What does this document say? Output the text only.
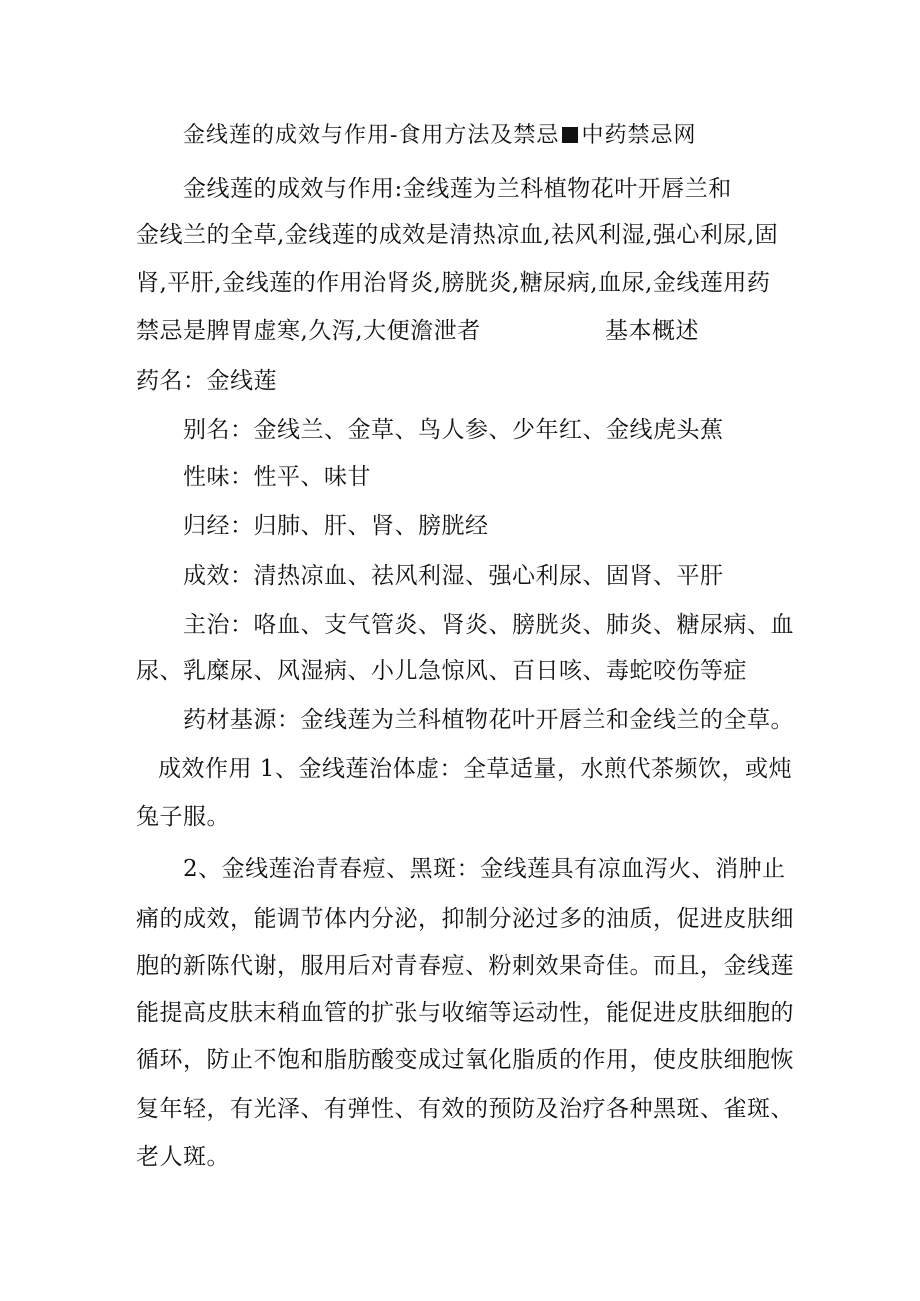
金线莲的成效与作用-食用方法及禁忌 中药禁忌网
金线莲的成效与作用:金线莲为兰科植物花叶开唇兰和
金线兰的全草,金线莲的成效是清热凉血,祛风利湿,强心利尿,固
肾,平肝,金线莲的作用治肾炎,膀胱炎,糖尿病,血尿,金线莲用药
禁忌是脾胃虚寒,久泻,大便澹泄者	基本概述
药名：金线莲
别名：金线兰、金草、鸟人参、少年红、金线虎头蕉
性味：性平、味甘
归经：归肺、肝、肾、膀胱经
成效：清热凉血、祛风利湿、强心利尿、固肾、平肝
主治：咯血、支气管炎、肾炎、膀胱炎、肺炎、糖尿病、血
尿、乳糜尿、风湿病、小儿急惊风、百日咳、毒蛇咬伤等症
药材基源：金线莲为兰科植物花叶开唇兰和金线兰的全草。
成效作用 1、金线莲治体虚：全草适量，水煎代茶频饮，或炖
兔子服。
2、金线莲治青春痘、黑斑：金线莲具有凉血泻火、消肿止
痛的成效，能调节体内分泌，抑制分泌过多的油质，促进皮肤细
胞的新陈代谢，服用后对青春痘、粉刺效果奇佳。而且，金线莲
能提高皮肤末稍血管的扩张与收缩等运动性，能促进皮肤细胞的
循环，防止不饱和脂肪酸变成过氧化脂质的作用，使皮肤细胞恢
复年轻，有光泽、有弹性、有效的预防及治疗各种黑斑、雀斑、
老人斑。
